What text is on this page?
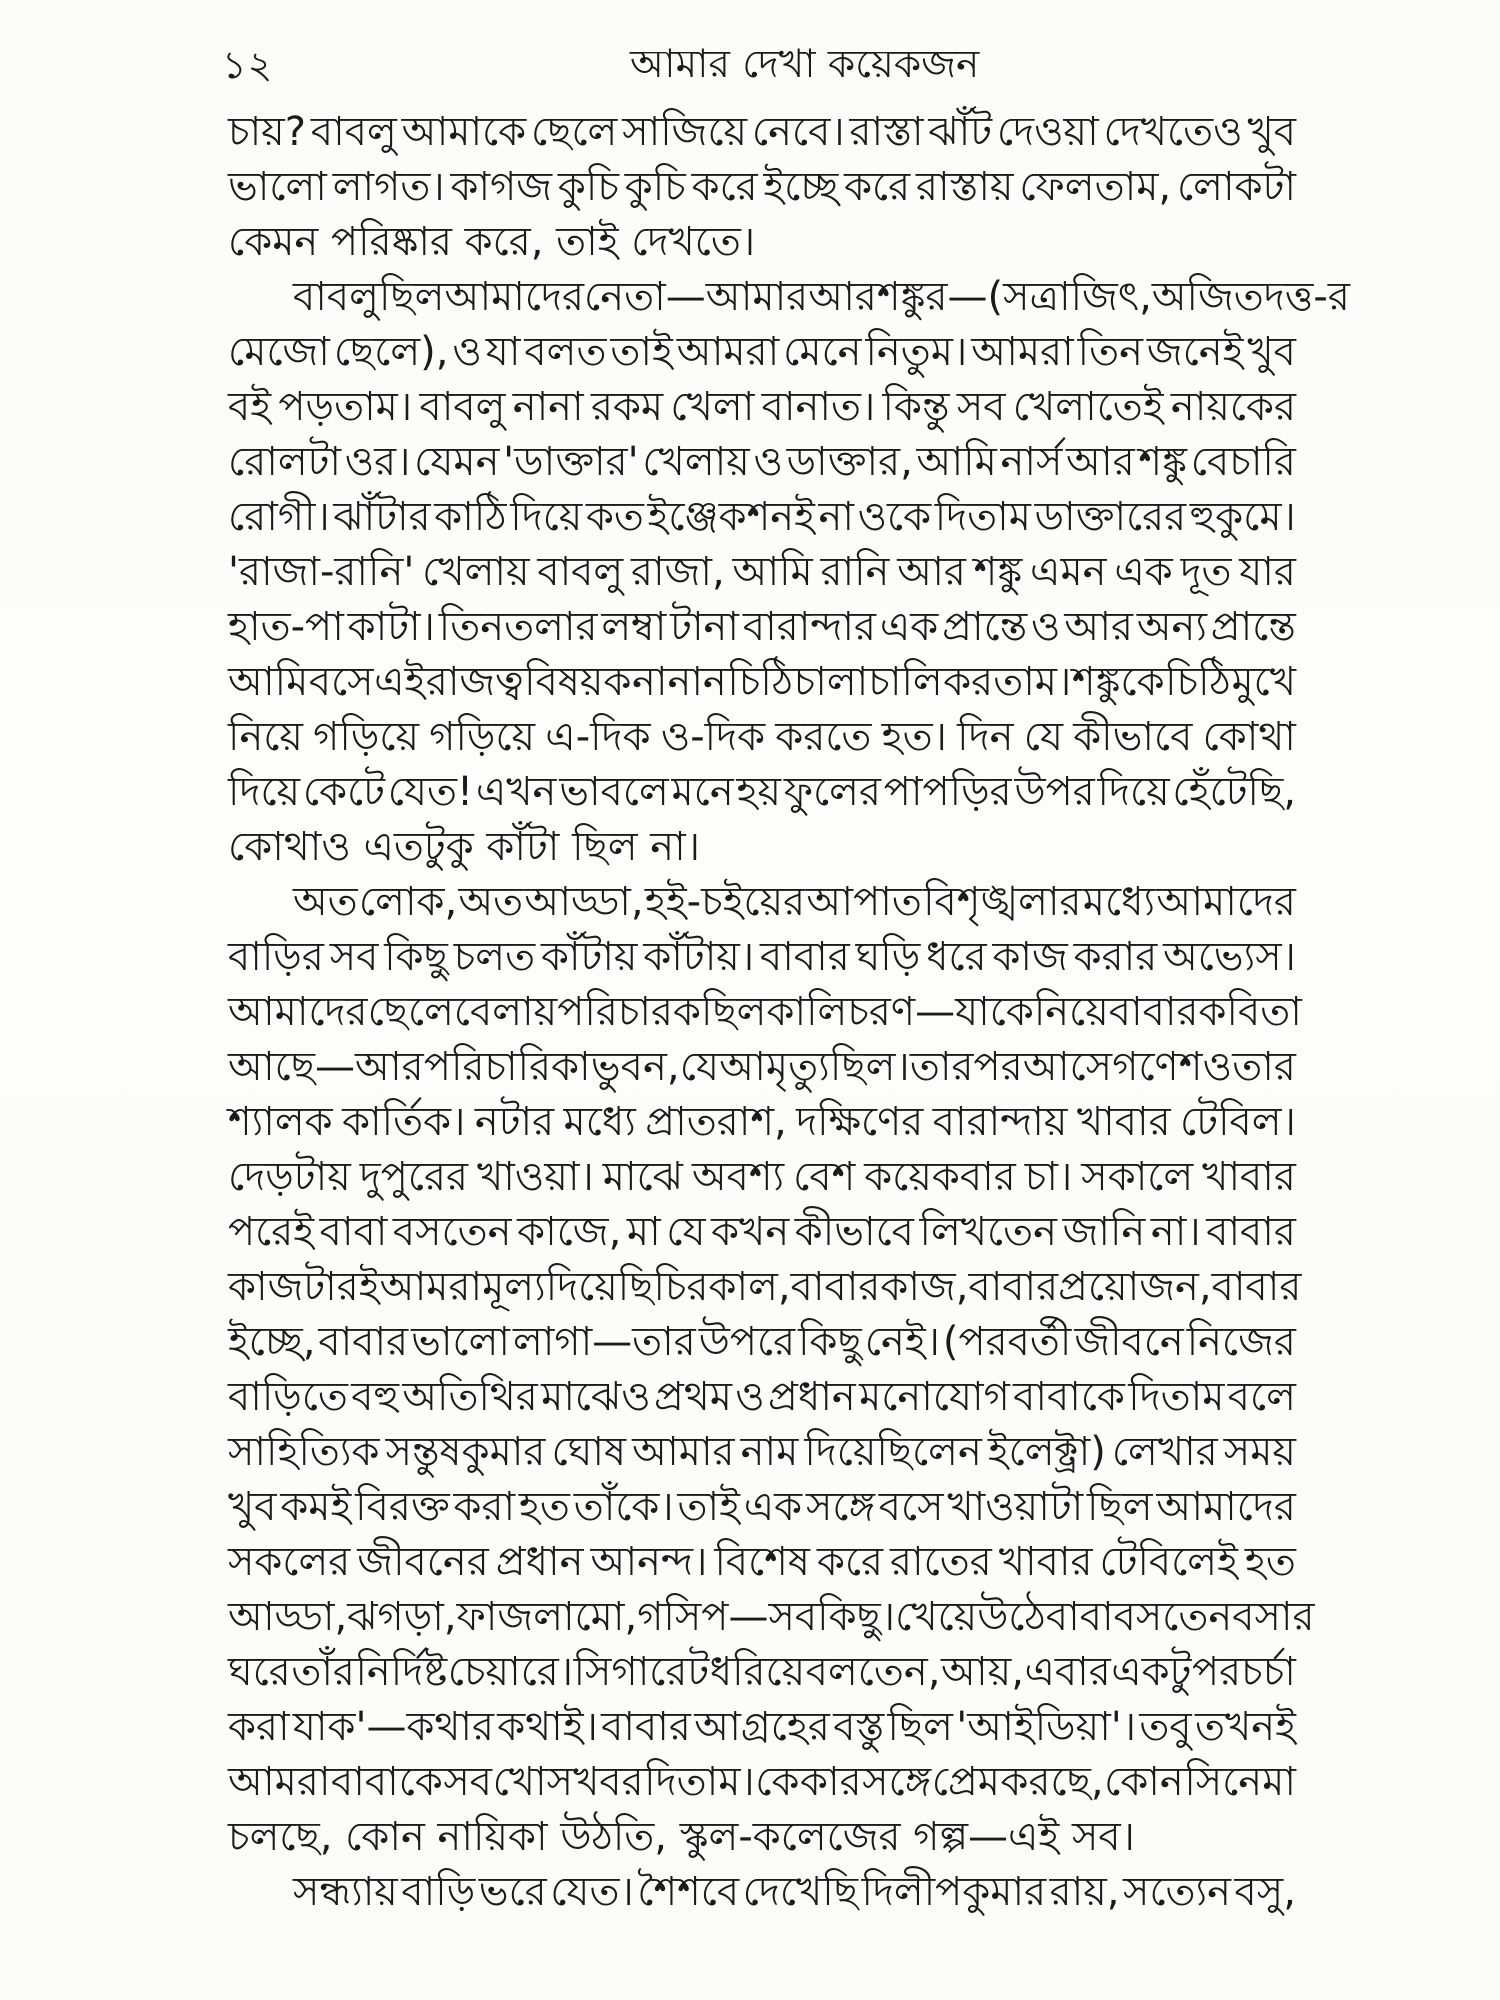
১২	আমার দেখা কয়েকজন
চায়? বাবলু আমাকে ছেলে সাজিয়ে নেবে। রাস্তা ঝাঁট দেওয়া দেখতেও খুব
ভালো লাগত। কাগজ কুচি কুচি করে ইচ্ছে করে রাস্তায় ফেলতাম, লোকটা
কেমন পরিষ্কার করে, তাই দেখতে।
বাবলু ছিল আমাদের নেতা—আমার আর শঙ্কুর—(সত্রাজিৎ, অজিত দত্ত-র
মেজো ছেলে), ও যা বলত তাই আমরা মেনে নিতুম। আমরা তিন জনেই খুব
বই পড়তাম। বাবলু নানা রকম খেলা বানাত। কিন্তু সব খেলাতেই নায়কের
রোলটা ওর। যেমন 'ডাক্তার' খেলায় ও ডাক্তার, আমি নার্স আর শঙ্কু বেচারি
রোগী। ঝাঁটার কাঠি দিয়ে কত ইঞ্জেকশনই না ওকে দিতাম ডাক্তারের হুকুমে।
'রাজা-রানি' খেলায় বাবলু রাজা, আমি রানি আর শঙ্কু এমন এক দূত যার
হাত-পা কাটা। তিনতলার লম্বা টানা বারান্দার এক প্রান্তে ও আর অন্য প্রান্তে
আমি বসে এই রাজত্ব বিষয়ক নানান চিঠি চালাচালি করতাম। শঙ্কুকে চিঠি মুখে
নিয়ে গড়িয়ে গড়িয়ে এ-দিক ও-দিক করতে হত। দিন যে কীভাবে কোথা
দিয়ে কেটে যেত! এখন ভাবলে মনে হয় ফুলের পাপড়ির উপর দিয়ে হেঁটেছি,
কোথাও এতটুকু কাঁটা ছিল না।
অত লোক, অত আড্ডা, হই-চইয়ের আপাত বিশৃঙ্খলার মধ্যে আমাদের
বাড়ির সব কিছু চলত কাঁটায় কাঁটায়। বাবার ঘড়ি ধরে কাজ করার অভ্যেস।
আমাদের ছেলেবেলায় পরিচারক ছিল কালিচরণ—যাকে নিয়ে বাবার কবিতা
আছে—আর পরিচারিকা ভুবন, যে আমৃত্যু ছিল। তারপর আসে গণেশ ও তার
শ্যালক কার্তিক। নটার মধ্যে প্রাতরাশ, দক্ষিণের বারান্দায় খাবার টেবিল।
দেড়টায় দুপুরের খাওয়া। মাঝে অবশ্য বেশ কয়েকবার চা। সকালে খাবার
পরেই বাবা বসতেন কাজে, মা যে কখন কীভাবে লিখতেন জানি না। বাবার
কাজটারই আমরা মূল্য দিয়েছি চিরকাল, বাবার কাজ, বাবার প্রয়োজন, বাবার
ইচ্ছে, বাবার ভালো লাগা—তার উপরে কিছু নেই। (পরবর্তী জীবনে নিজের
বাড়িতে বহু অতিথির মাঝেও প্রথম ও প্রধান মনোযোগ বাবাকে দিতাম বলে
সাহিত্যিক সন্তুষকুমার ঘোষ আমার নাম দিয়েছিলেন ইলেক্ট্রা) লেখার সময়
খুব কমই বিরক্ত করা হত তাঁকে। তাই এক সঙ্গে বসে খাওয়াটা ছিল আমাদের
সকলের জীবনের প্রধান আনন্দ। বিশেষ করে রাতের খাবার টেবিলেই হত
আড্ডা, ঝগড়া, ফাজলামো, গসিপ—সব কিছু। খেয়ে উঠে বাবা বসতেন বসার
ঘরে তাঁর নির্দিষ্ট চেয়ারে। সিগারেট ধরিয়ে বলতেন, আয়, এবার একটু পরচর্চা
করা যাক'—কথার কথাই। বাবার আগ্রহের বস্তু ছিল 'আইডিয়া'। তবু তখনই
আমরা বাবাকে সব খোসখবর দিতাম। কে কার সঙ্গে প্রেম করছে, কোন সিনেমা
চলছে, কোন নায়িকা উঠতি, স্কুল-কলেজের গল্প—এই সব।
সন্ধ্যায় বাড়ি ভরে যেত। শৈশবে দেখেছি দিলীপকুমার রায়, সত্যেন বসু,
